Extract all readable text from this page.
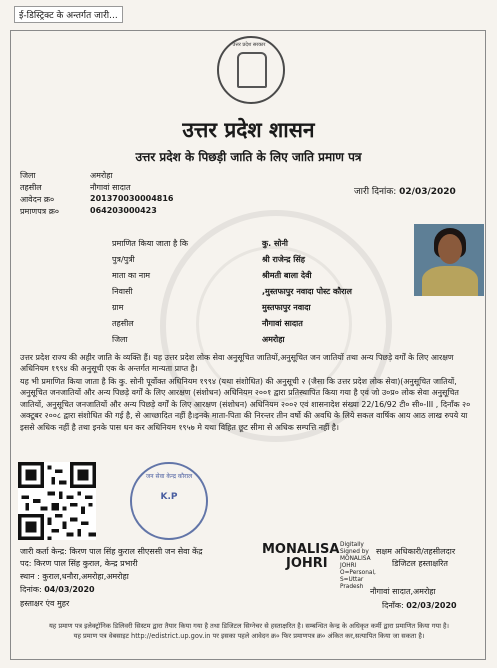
ई-डिस्ट्रिक्ट के अन्तर्गत जारी...
उत्तर प्रदेश सरकार
उत्तर प्रदेश शासन
उत्तर प्रदेश के पिछड़ी जाति के लिए जाति प्रमाण पत्र
जिला	अमरोहा
तहसील	नौगावां सादात
आवेदन क्र०	201370030004816
प्रमाणपत्र क्र०	064203000423
जारी दिनांक: 02/03/2020
प्रमाणित किया जाता है कि	कु. सोनी
पुत्र/पुत्री	श्री राजेन्द्र सिंह
माता का नाम	श्रीमती बाला देवी
निवासी	,मुस्तफापुर नवादा पोस्ट कौराल
ग्राम	मुस्तफापुर नवादा
तहसील	नौगावां सादात
जिला	अमरोहा
उत्तर प्रदेश राज्य की अहीर जाति के व्यक्ति हैं। यह उत्तर प्रदेश लोक सेवा अनुसूचित जातियों,अनुसूचित जन जातियों तथा अन्य पिछड़े वर्गों के लिए आरक्षण अधिनियम १९९४ की अनुसूची एक के अन्तर्गत मान्यता प्राप्त है।
यह भी प्रमाणित किया जाता है कि कु. सोनी पूर्वोक्त अधिनियम १९९४ (यथा संशोधित) की अनुसूची २ (जैसा कि उत्तर प्रदेश लोक सेवा)(अनुसूचित जातियों, अनुसूचित जनजातियों और अन्य पिछड़े वर्गों के लिए आरक्षण (संशोधन) अधिनियम २००१ द्वारा प्रतिस्थापित किया गया है एवं जो उ०प्र० लोक सेवा अनुसूचित जातियों, अनुसूचित जनजातियों और अन्य पिछड़े वर्गों के लिए आरक्षण (संशोधन) अधिनियम २००२ एवं शासनादेश संख्या 22/16/92 टी० सी०-III , दिनाँक २० अक्टूबर २००८ द्वारा संशोधित की गई है, से आच्छादित नहीं है।इनके माता-पिता की निरन्तर तीन वर्षो की अवधि के लिये सकल वार्षिक आय आठ लाख रुपये या इससे अधिक नहीं है तथा इनके पास धन कर अधिनियम १९५७ मे यथा विहित छूट सीमा से अधिक सम्पत्ति नहीं है।
जन सेवा केन्द्र कौराल
K.P
जारी कर्ता केन्द्र: किरण पाल सिंह कुराल सीएससी जन सेवा केंद्र
पद: किरण पाल सिंह कुराल, केन्द्र प्रभारी
स्थान : कुराल,धनौरा,अमरोहा,अमरोहा
दिनांक: 04/03/2020
हस्ताक्षर एंव मुहर
MONALISA
JOHRI
Digitally
Signed by
MONALISA
JOHRI
O=Personal,
S=Uttar
Pradesh
सक्षम अधिकारी/तहसीलदार
डिजिटल हस्ताक्षरित
नौगावां सादात,अमरोहा
दिनाँक: 02/03/2020
यह प्रमाण पत्र इलेक्ट्रॉनिक डिलिवरी सिस्टम द्वारा तैयार किया गया है तथा डिजिटल सिग्नेचर से हस्ताक्षरित है। सम्बन्धित केन्द्र के अधिकृत कर्मी द्वारा प्रमाणित किया गया है।
यह प्रमाण पत्र वेबसाइट http://edistrict.up.gov.in पर इसका पहले आवेदन क्र० फिर प्रमाणपत्र क्र० अंकित कर,सत्यापित किया जा सकता है।
